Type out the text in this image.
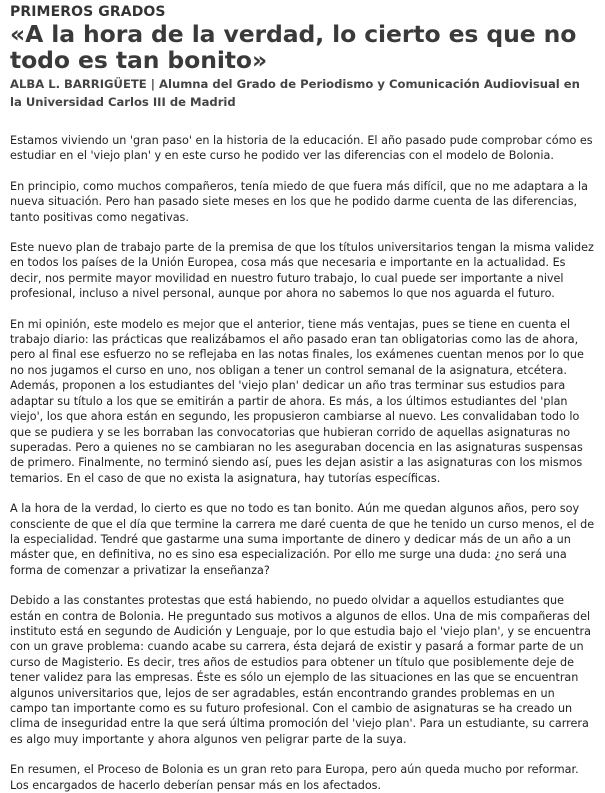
PRIMEROS GRADOS
«A la hora de la verdad, lo cierto es que no todo es tan bonito»
ALBA L. BARRIGÜETE | Alumna del Grado de Periodismo y Comunicación Audiovisual en la Universidad Carlos III de Madrid

Estamos viviendo un 'gran paso' en la historia de la educación. El año pasado pude comprobar cómo es estudiar en el 'viejo plan' y en este curso he podido ver las diferencias con el modelo de Bolonia.

En principio, como muchos compañeros, tenía miedo de que fuera más difícil, que no me adaptara a la nueva situación. Pero han pasado siete meses en los que he podido darme cuenta de las diferencias, tanto positivas como negativas.

Este nuevo plan de trabajo parte de la premisa de que los títulos universitarios tengan la misma validez en todos los países de la Unión Europea, cosa más que necesaria e importante en la actualidad. Es decir, nos permite mayor movilidad en nuestro futuro trabajo, lo cual puede ser importante a nivel profesional, incluso a nivel personal, aunque por ahora no sabemos lo que nos aguarda el futuro.

En mi opinión, este modelo es mejor que el anterior, tiene más ventajas, pues se tiene en cuenta el trabajo diario: las prácticas que realizábamos el año pasado eran tan obligatorias como las de ahora, pero al final ese esfuerzo no se reflejaba en las notas finales, los exámenes cuentan menos por lo que no nos jugamos el curso en uno, nos obligan a tener un control semanal de la asignatura, etcétera. Además, proponen a los estudiantes del 'viejo plan' dedicar un año tras terminar sus estudios para adaptar su título a los que se emitirán a partir de ahora. Es más, a los últimos estudiantes del 'plan viejo', los que ahora están en segundo, les propusieron cambiarse al nuevo. Les convalidaban todo lo que se pudiera y se les borraban las convocatorias que hubieran corrido de aquellas asignaturas no superadas. Pero a quienes no se cambiaran no les aseguraban docencia en las asignaturas suspensas de primero. Finalmente, no terminó siendo así, pues les dejan asistir a las asignaturas con los mismos temarios. En el caso de que no exista la asignatura, hay tutorías específicas.

A la hora de la verdad, lo cierto es que no todo es tan bonito. Aún me quedan algunos años, pero soy consciente de que el día que termine la carrera me daré cuenta de que he tenido un curso menos, el de la especialidad. Tendré que gastarme una suma importante de dinero y dedicar más de un año a un máster que, en definitiva, no es sino esa especialización. Por ello me surge una duda: ¿no será una forma de comenzar a privatizar la enseñanza?

Debido a las constantes protestas que está habiendo, no puedo olvidar a aquellos estudiantes que están en contra de Bolonia. He preguntado sus motivos a algunos de ellos. Una de mis compañeras del instituto está en segundo de Audición y Lenguaje, por lo que estudia bajo el 'viejo plan', y se encuentra con un grave problema: cuando acabe su carrera, ésta dejará de existir y pasará a formar parte de un curso de Magisterio. Es decir, tres años de estudios para obtener un título que posiblemente deje de tener validez para las empresas. Éste es sólo un ejemplo de las situaciones en las que se encuentran algunos universitarios que, lejos de ser agradables, están encontrando grandes problemas en un campo tan importante como es su futuro profesional. Con el cambio de asignaturas se ha creado un clima de inseguridad entre la que será última promoción del 'viejo plan'. Para un estudiante, su carrera es algo muy importante y ahora algunos ven peligrar parte de la suya.

En resumen, el Proceso de Bolonia es un gran reto para Europa, pero aún queda mucho por reformar. Los encargados de hacerlo deberían pensar más en los afectados.
